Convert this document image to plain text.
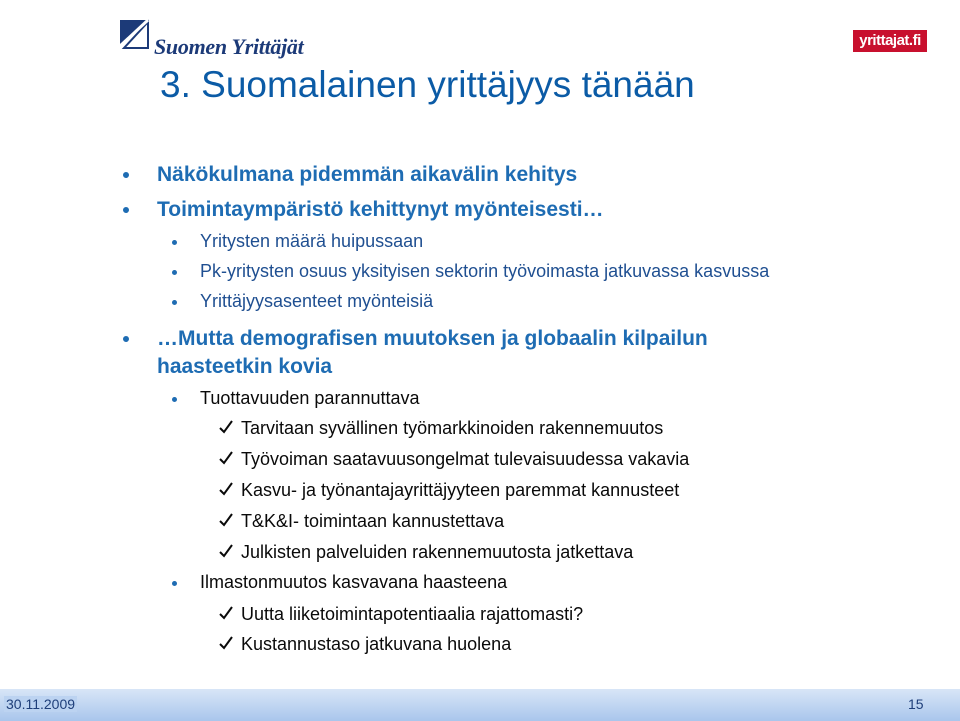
Suomen Yrittäjät	yrittajat.fi
3. Suomalainen yrittäjyys tänään
Näkökulmana pidemmän aikavälin kehitys
Toimintaympäristö kehittynyt myönteisesti…
Yritysten määrä huipussaan
Pk-yritysten osuus yksityisen sektorin työvoimasta jatkuvassa kasvussa
Yrittäjyysasenteet myönteisiä
…Mutta demografisen muutoksen ja globaalin kilpailun
haasteetkin kovia
Tuottavuuden parannuttava
Tarvitaan syvällinen työmarkkinoiden rakennemuutos
Työvoiman saatavuusongelmat tulevaisuudessa vakavia
Kasvu- ja työnantajayrittäjyyteen paremmat kannusteet
T&K&I- toimintaan kannustettava
Julkisten palveluiden rakennemuutosta jatkettava
Ilmastonmuutos kasvavana haasteena
Uutta liiketoimintapotentiaalia rajattomasti?
Kustannustaso jatkuvana huolena
30.11.2009	15
